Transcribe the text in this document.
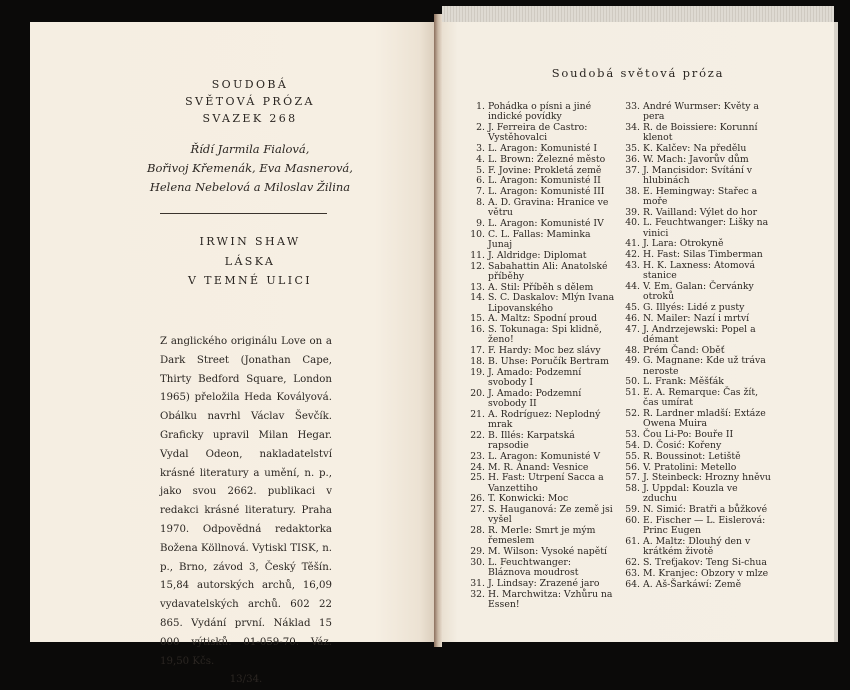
SOUDOBÁ
SVĚTOVÁ PRÓZA
SVAZEK 268
Řídí Jarmila Fialová,
Bořivoj Křemenák, Eva Masnerová,
Helena Nebelová a Miloslav Žilina
IRWIN SHAW
LÁSKA
V TEMNÉ ULICI
Z anglického originálu Love on a Dark Street (Jonathan Cape, Thirty Bedford Square, London 1965) přeložila Heda Kovályová. Obálku navrhl Václav Ševčík. Graficky upravil Milan Hegar. Vydal Odeon, nakladatelství krásné literatury a umění, n. p., jako svou 2662. publikaci v redakci krásné literatury. Praha 1970. Odpovědná redaktorka Božena Köllnová. Vytiskl TISK, n. p., Brno, závod 3, Český Těšín. 15,84 autorských archů, 16,09 vydavatelských archů. 602 22 865. Vydání první. Náklad 15 000 výtisků. 01-059-70. Váz. 19,50 Kčs.
13/34.
Soudobá světová próza
1. Pohádka o písni a jiné indické povídky
2. J. Ferreira de Castro: Vystěhovalci
3. L. Aragon: Komunisté I
4. L. Brown: Železné město
5. F. Jovine: Prokletá země
6. L. Aragon: Komunisté II
7. L. Aragon: Komunisté III
8. A. D. Gravina: Hranice ve větru
9. L. Aragon: Komunisté IV
10. C. L. Fallas: Maminka Junaj
11. J. Aldridge: Diplomat
12. Sabahattin Ali: Anatolské příběhy
13. A. Stil: Příběh s dělem
14. S. C. Daskalov: Mlýn Ivana Lipovanského
15. A. Maltz: Spodní proud
16. S. Tokunaga: Spi klidně, ženo!
17. F. Hardy: Moc bez slávy
18. B. Uhse: Poručík Bertram
19. J. Amado: Podzemní svobody I
20. J. Amado: Podzemní svobody II
21. A. Rodríguez: Neplodný mrak
22. B. Illés: Karpatská rapsodie
23. L. Aragon: Komunisté V
24. M. R. Ánand: Vesnice
25. H. Fast: Utrpení Sacca a Vanzettiho
26. T. Konwicki: Moc
27. S. Hauganová: Ze země jsi vyšel
28. R. Merle: Smrt je mým řemeslem
29. M. Wilson: Vysoké napětí
30. L. Feuchtwanger: Bláznova moudrost
31. J. Lindsay: Zrazené jaro
32. H. Marchwitza: Vzhůru na Essen!
33. André Wurmser: Květy a pera
34. R. de Boissiere: Korunní klenot
35. K. Kalčev: Na předělu
36. W. Mach: Javorův dům
37. J. Mancisidor: Svítání v hlubinách
38. E. Hemingway: Stařec a moře
39. R. Vailland: Výlet do hor
40. L. Feuchtwanger: Lišky na vinici
41. J. Lara: Otrokyně
42. H. Fast: Silas Timberman
43. H. K. Laxness: Atomová stanice
44. V. Em. Galan: Červánky otroků
45. G. Illyés: Lidé z pusty
46. N. Mailer: Nazí i mrtví
47. J. Andrzejewski: Popel a démant
48. Prém Čand: Oběť
49. G. Magnane: Kde už tráva neroste
50. L. Frank: Měšťák
51. E. A. Remarque: Čas žít, čas umírat
52. R. Lardner mladší: Extáze Owena Muira
53. Čou Li-Po: Bouře II
54. D. Čosić: Kořeny
55. R. Boussinot: Letiště
56. V. Pratolini: Metello
57. J. Steinbeck: Hrozny hněvu
58. J. Uppdal: Kouzla ve zduchu
59. N. Simić: Bratři a bůžkové
60. E. Fischer — L. Eislerová: Princ Eugen
61. A. Maltz: Dlouhý den v krátkém životě
62. S. Treťjakov: Teng Si-chua
63. M. Kranjec: Obzory v mlze
64. A. Aš-Šarkáwí: Země
